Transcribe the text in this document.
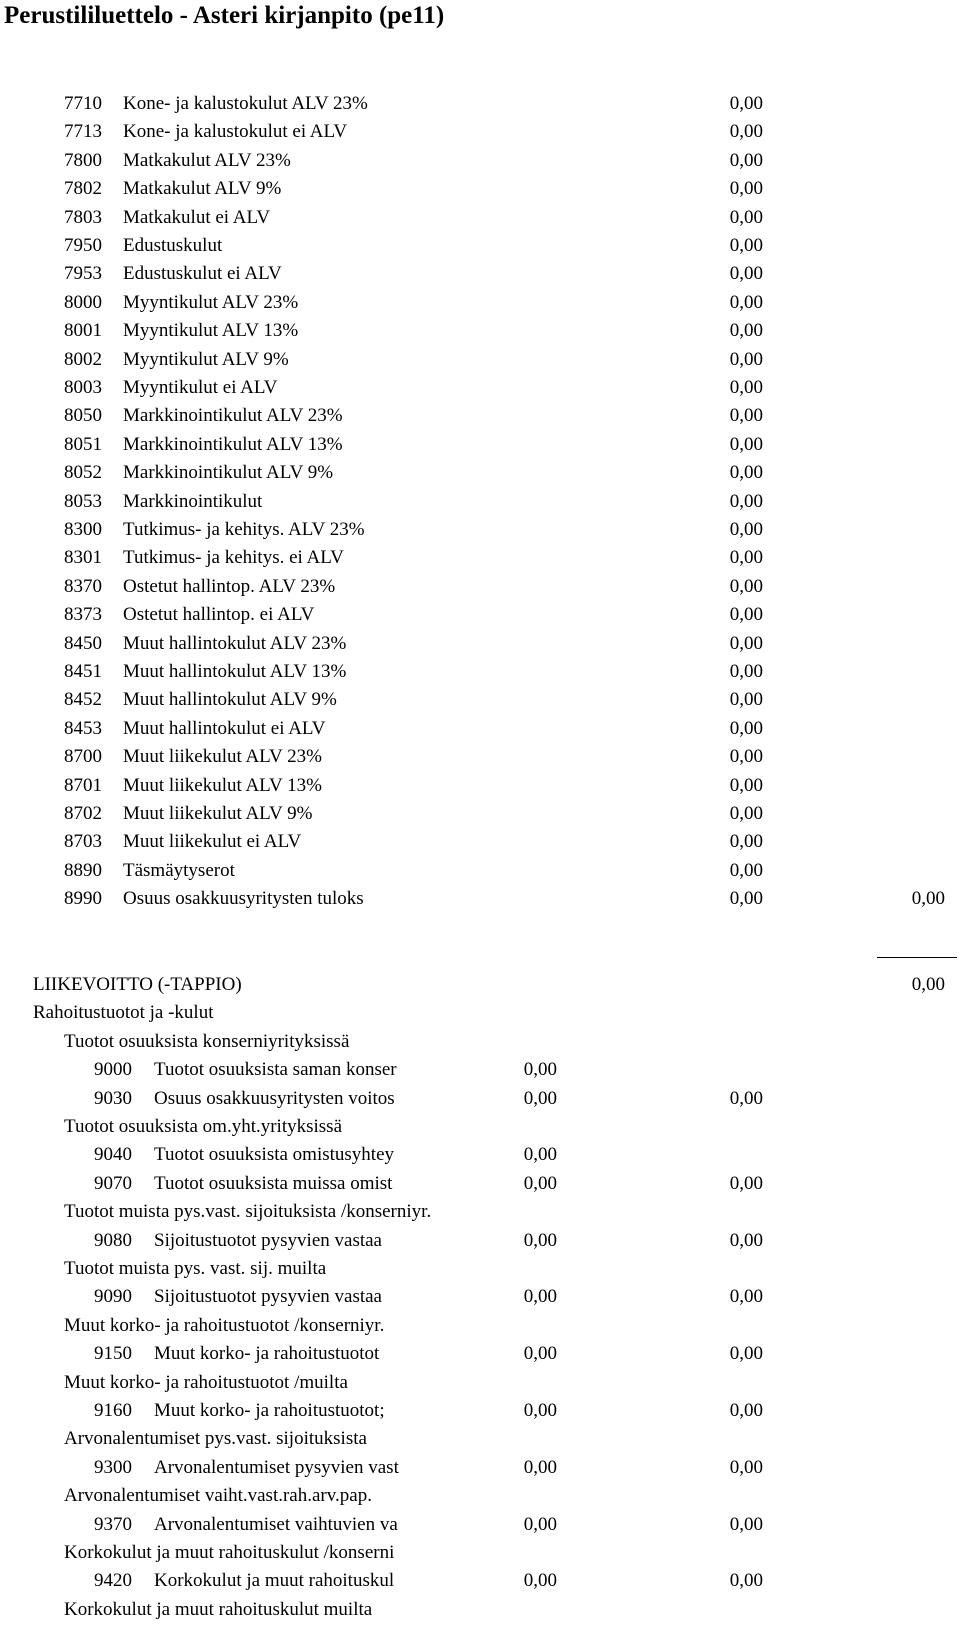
Perustililuettelo - Asteri kirjanpito (pe11)
7710 Kone- ja kalustokulut ALV 23%	0,00
7713 Kone- ja kalustokulut ei ALV	0,00
7800 Matkakulut ALV 23%	0,00
7802 Matkakulut ALV 9%	0,00
7803 Matkakulut ei ALV	0,00
7950 Edustuskulut	0,00
7953 Edustuskulut ei ALV	0,00
8000 Myyntikulut ALV 23%	0,00
8001 Myyntikulut ALV 13%	0,00
8002 Myyntikulut ALV 9%	0,00
8003 Myyntikulut ei ALV	0,00
8050 Markkinointikulut ALV 23%	0,00
8051 Markkinointikulut ALV 13%	0,00
8052 Markkinointikulut ALV 9%	0,00
8053 Markkinointikulut	0,00
8300 Tutkimus- ja kehitys. ALV 23%	0,00
8301 Tutkimus- ja kehitys. ei ALV	0,00
8370 Ostetut hallintop. ALV 23%	0,00
8373 Ostetut hallintop. ei ALV	0,00
8450 Muut hallintokulut ALV 23%	0,00
8451 Muut hallintokulut ALV 13%	0,00
8452 Muut hallintokulut ALV 9%	0,00
8453 Muut hallintokulut ei ALV	0,00
8700 Muut liikekulut ALV 23%	0,00
8701 Muut liikekulut ALV 13%	0,00
8702 Muut liikekulut ALV 9%	0,00
8703 Muut liikekulut ei ALV	0,00
8890 Täsmäytyserot	0,00
8990 Osuus osakkuusyritysten tuloks	0,00	0,00
LIIKEVOITTO (-TAPPIO)	0,00
Rahoitustuotot ja -kulut
Tuotot osuuksista konserniyrityksissä
9000 Tuotot osuuksista saman konser	0,00
9030 Osuus osakkuusyritysten voitos	0,00	0,00
Tuotot osuuksista om.yht.yrityksissä
9040 Tuotot osuuksista omistusyhtey	0,00
9070 Tuotot osuuksista muissa omist	0,00	0,00
Tuotot muista pys.vast. sijoituksista /konserniyr.
9080 Sijoitustuotot pysyvien vastaa	0,00	0,00
Tuotot muista pys. vast. sij. muilta
9090 Sijoitustuotot pysyvien vastaa	0,00	0,00
Muut korko- ja rahoitustuotot /konserniyr.
9150 Muut korko- ja rahoitustuotot	0,00	0,00
Muut korko- ja rahoitustuotot /muilta
9160 Muut korko- ja rahoitustuotot;	0,00	0,00
Arvonalentumiset pys.vast. sijoituksista
9300 Arvonalentumiset pysyvien vast	0,00	0,00
Arvonalentumiset vaiht.vast.rah.arv.pap.
9370 Arvonalentumiset vaihtuvien va	0,00	0,00
Korkokulut ja muut rahoituskulut /konserni
9420 Korkokulut ja muut rahoituskul	0,00	0,00
Korkokulut ja muut rahoituskulut muilta
